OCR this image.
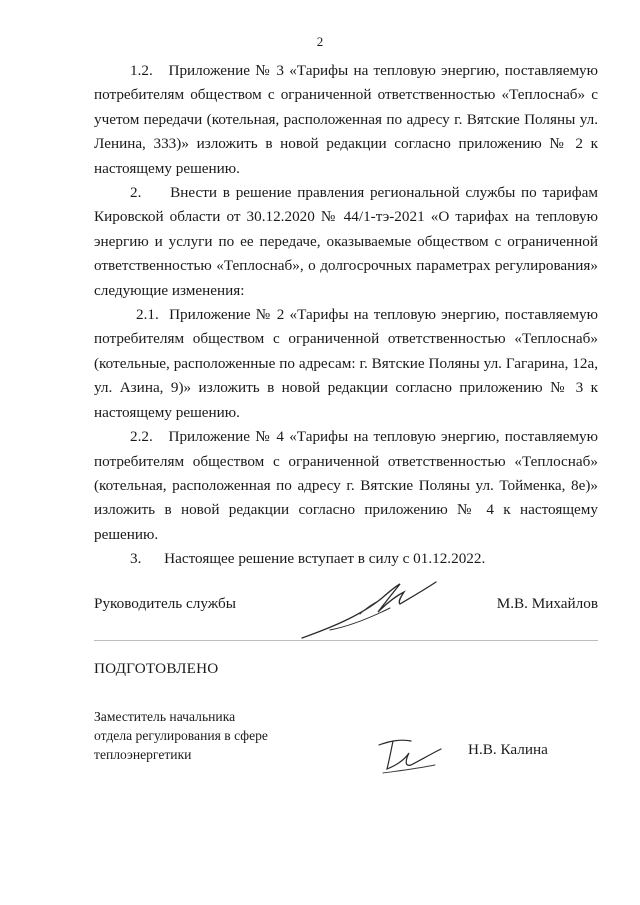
2

1.2.   Приложение № 3 «Тарифы на тепловую энергию, поставляемую потребителям обществом с ограниченной ответственностью «Теплоснаб» с учетом передачи (котельная, расположенная по адресу г. Вятские Поляны ул. Ленина, 333)» изложить в новой редакции согласно приложению № 2 к настоящему решению.

2.     Внести в решение правления региональной службы по тарифам Кировской области от 30.12.2020 № 44/1-тэ-2021 «О тарифах на тепловую энергию и услуги по ее передаче, оказываемые обществом с ограниченной ответственностью «Теплоснаб», о долгосрочных параметрах регулирования» следующие изменения:

2.1.  Приложение № 2 «Тарифы на тепловую энергию, поставляемую потребителям обществом с ограниченной ответственностью «Теплоснаб» (котельные, расположенные по адресам: г. Вятские Поляны ул. Гагарина, 12а, ул. Азина, 9)» изложить в новой редакции согласно приложению № 3 к настоящему решению.

2.2.   Приложение № 4 «Тарифы на тепловую энергию, поставляемую потребителям обществом с ограниченной ответственностью «Теплоснаб» (котельная, расположенная по адресу г. Вятские Поляны ул. Тойменка, 8е)» изложить в новой редакции согласно приложению № 4 к настоящему решению.

3.      Настоящее решение вступает в силу с 01.12.2022.

Руководитель службы	М.В. Михайлов
ПОДГОТОВЛЕНО
Заместитель начальника
отдела регулирования в сфере
теплоэнергетики	Н.В. Калина
